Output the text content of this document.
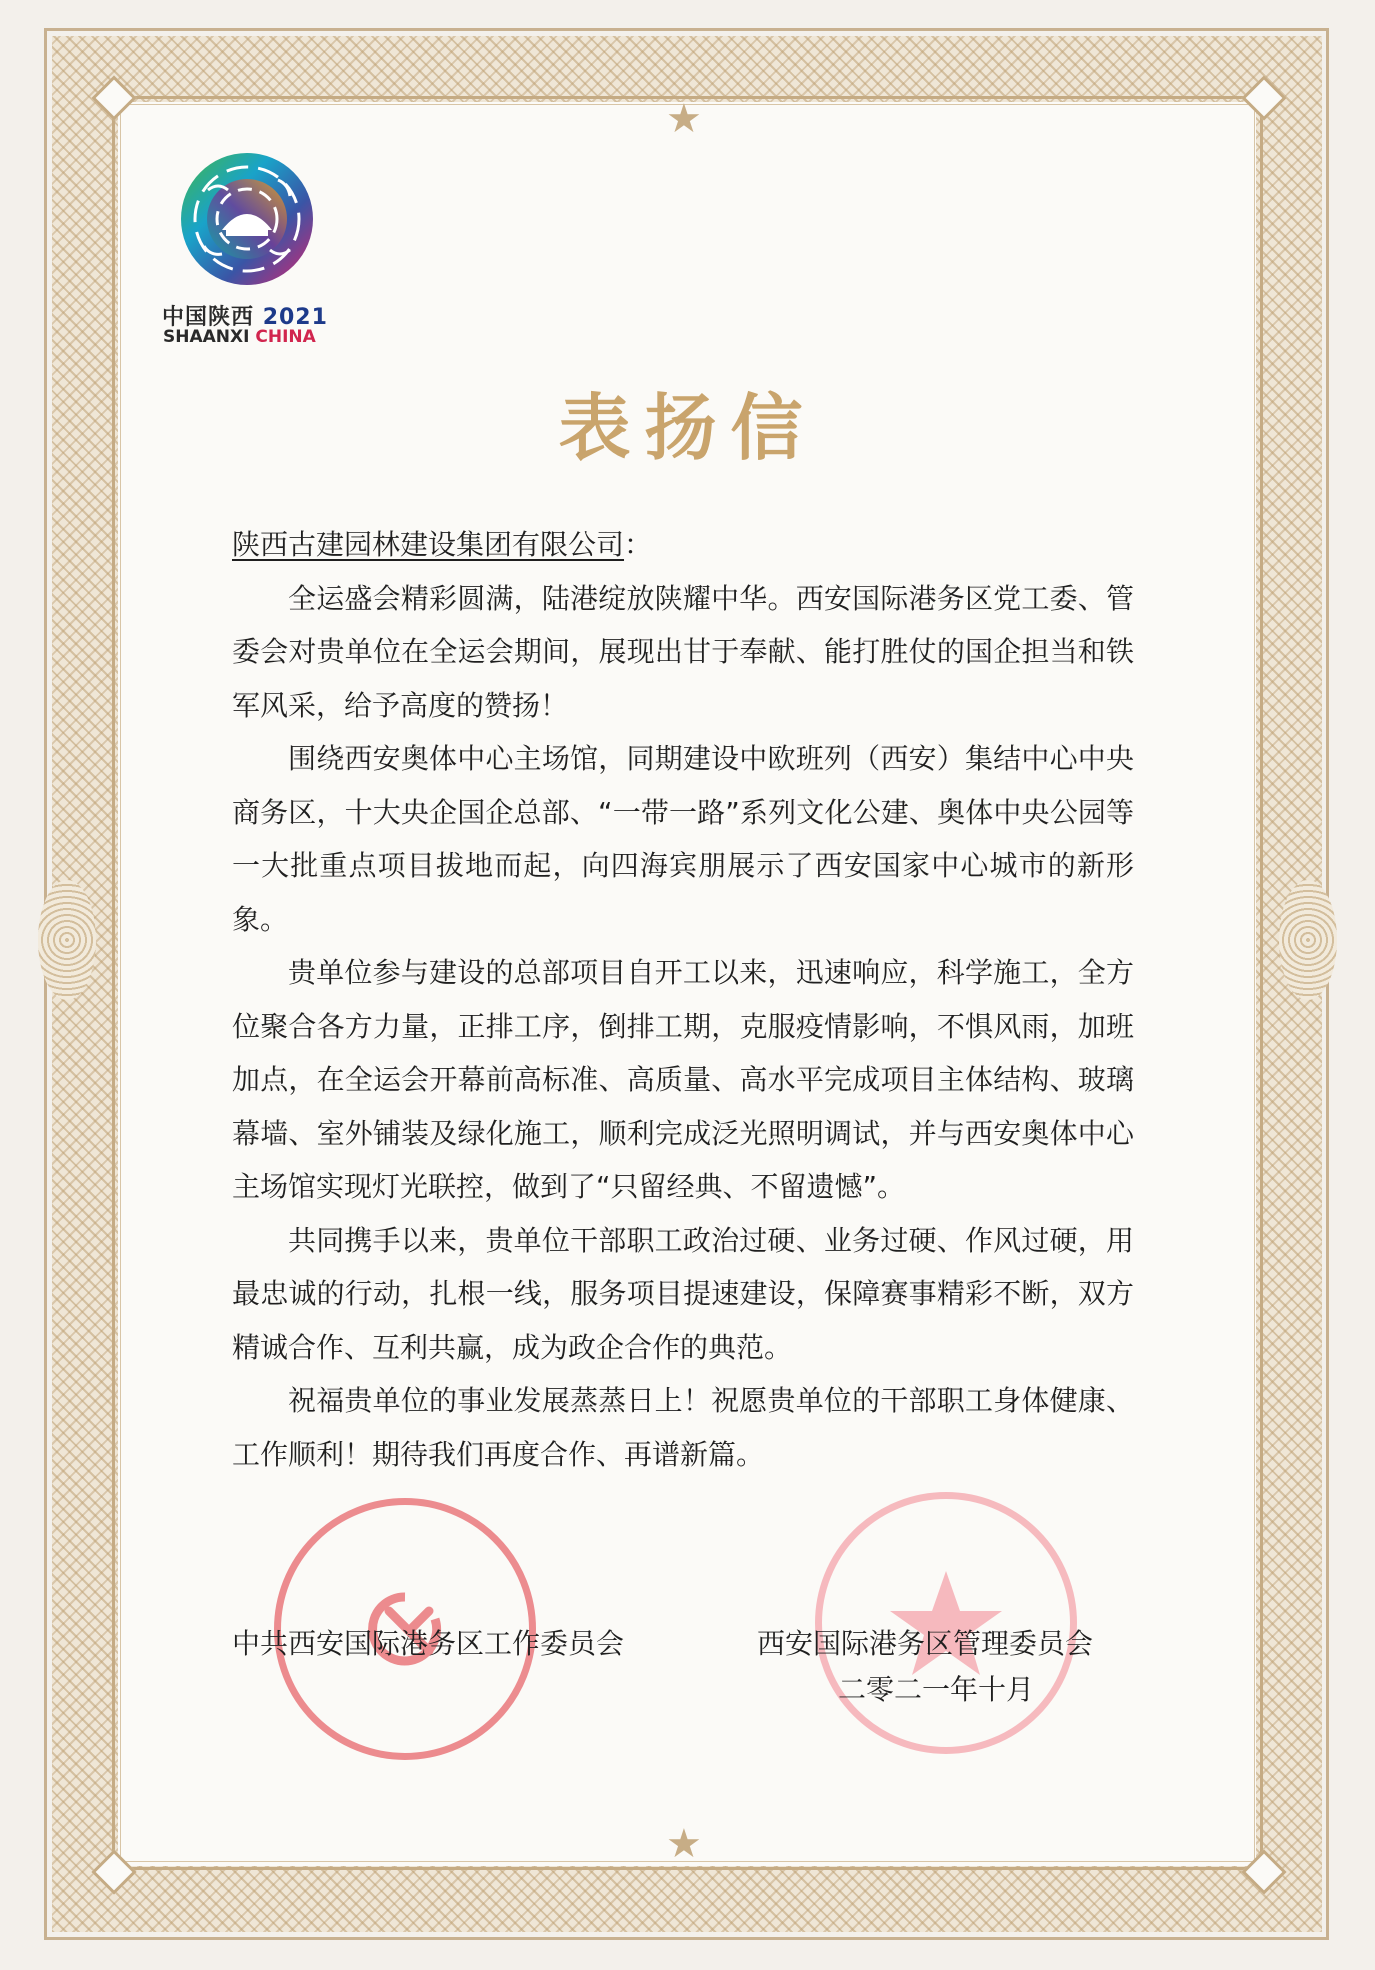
★
★
中国陕西 2021
SHAANXI CHINA
表扬信

陕西古建园林建设集团有限公司：

全运盛会精彩圆满，陆港绽放陕耀中华。西安国际港务区党工委、管委会对贵单位在全运会期间，展现出甘于奉献、能打胜仗的国企担当和铁军风采，给予高度的赞扬！

围绕西安奥体中心主场馆，同期建设中欧班列（西安）集结中心中央商务区，十大央企国企总部、“一带一路”系列文化公建、奥体中央公园等一大批重点项目拔地而起，向四海宾朋展示了西安国家中心城市的新形象。

贵单位参与建设的总部项目自开工以来，迅速响应，科学施工，全方位聚合各方力量，正排工序，倒排工期，克服疫情影响，不惧风雨，加班加点，在全运会开幕前高标准、高质量、高水平完成项目主体结构、玻璃幕墙、室外铺装及绿化施工，顺利完成泛光照明调试，并与西安奥体中心主场馆实现灯光联控，做到了“只留经典、不留遗憾”。

共同携手以来，贵单位干部职工政治过硬、业务过硬、作风过硬，用最忠诚的行动，扎根一线，服务项目提速建设，保障赛事精彩不断，双方精诚合作、互利共赢，成为政企合作的典范。

祝福贵单位的事业发展蒸蒸日上！祝愿贵单位的干部职工身体健康、工作顺利！期待我们再度合作、再谱新篇。

中共西安国际港务区工作委员会	西安国际港务区管理委员会
二零二一年十月
